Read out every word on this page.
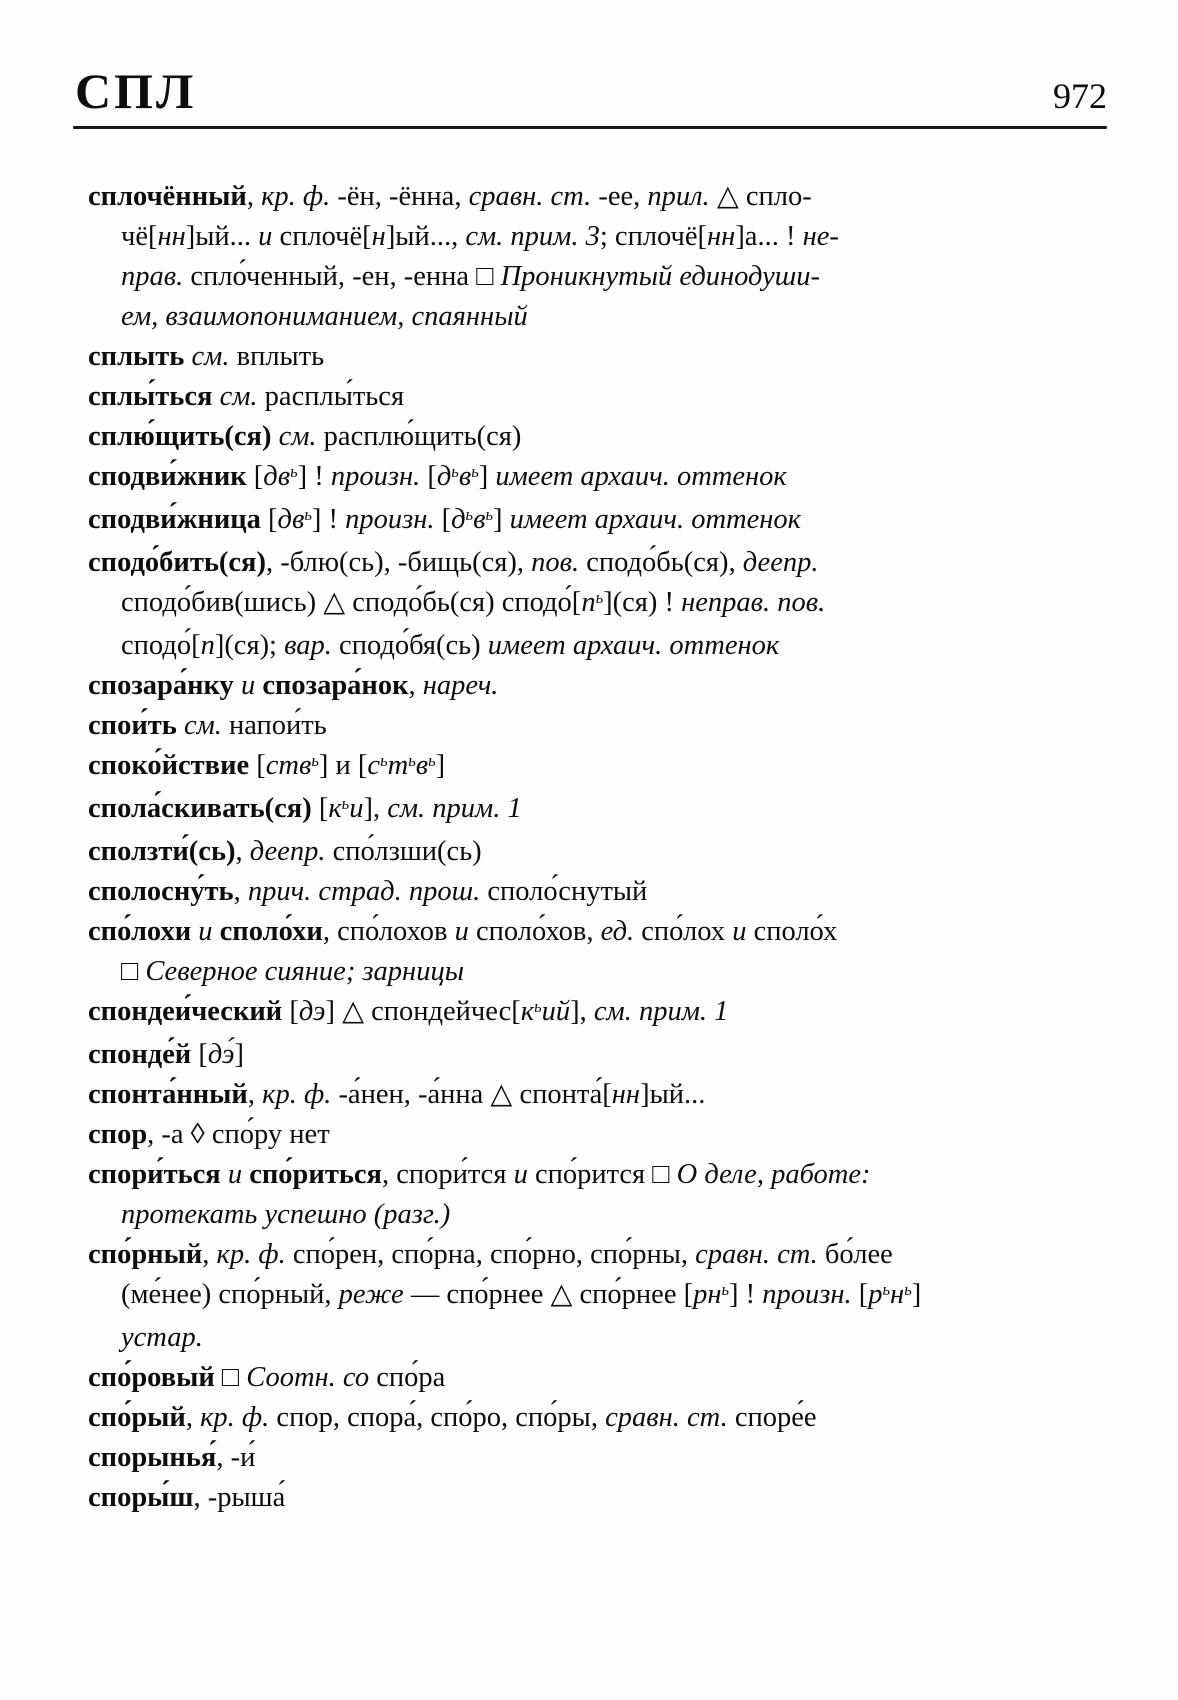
СПЛ	972

сплочённый, кр. ф. -ён, -ённа, сравн. ст. -ее, прил. △ спло-
чё[нн]ый... и сплочё[н]ый..., см. прим. 3; сплочё[нн]а... ! не-
прав. спло́ченный, -ен, -енна □ Проникнутый единодуши-
ем, взаимопониманием, спаянный

сплыть см. вплыть

сплы́ться см. расплы́ться

сплю́щить(ся) см. расплю́щить(ся)

сподви́жник $[дв^ь]$ ! произн. $[д^ьв^ь]$ имеет архаич. оттенок

сподви́жница $[дв^ь]$ ! произн. $[д^ьв^ь]$ имеет архаич. оттенок

сподо́бить(ся), -блю(сь), -бищь(ся), пов. сподо́бь(ся), деепр.
сподо́бив(шись) △ сподо́бь(ся) $сподо́[п^ь](ся)$ ! неправ. пов.
сподо́[п](ся); вар. сподо́бя(сь) имеет архаич. оттенок

спозара́нку и спозара́нок, нареч.

спои́ть см. напои́ть

споко́йствие [ств$^ь$] и $[с^ьт^ьв^ь]$

спола́скивать(ся) $[к^ьи]$, см. прим. 1

сползти́(сь), деепр. спо́лзши(сь)

сполосну́ть, прич. страд. прош. споло́снутый

спо́лохи и споло́хи, спо́лохов и споло́хов, ед. спо́лох и споло́х
□ Северное сияние; зарницы

спондеи́ческий [дэ] △ $спондейчес[к^ьий]$, см. прим. 1

спонде́й [дэ́]

спонта́нный, кр. ф. -а́нен, -а́нна △ спонта́[нн]ый...

спор, -а ◊ спо́ру нет

спори́ться и спо́риться, спори́тся и спо́рится □ О деле, работе:
протекать успешно (разг.)

спо́рный, кр. ф. спо́рен, спо́рна, спо́рно, спо́рны, сравн. ст. бо́лее
(ме́нее) спо́рный, реже — спо́рнее △ спо́рнее $[рн^ь]$ ! произн. $[р^ьн^ь]$
устар.

спо́ровый □ Соотн. со спо́ра

спо́рый, кр. ф. спор, спора́, спо́ро, спо́ры, сравн. ст. споре́е

спорынья́, -и́

споры́ш, -рыша́
